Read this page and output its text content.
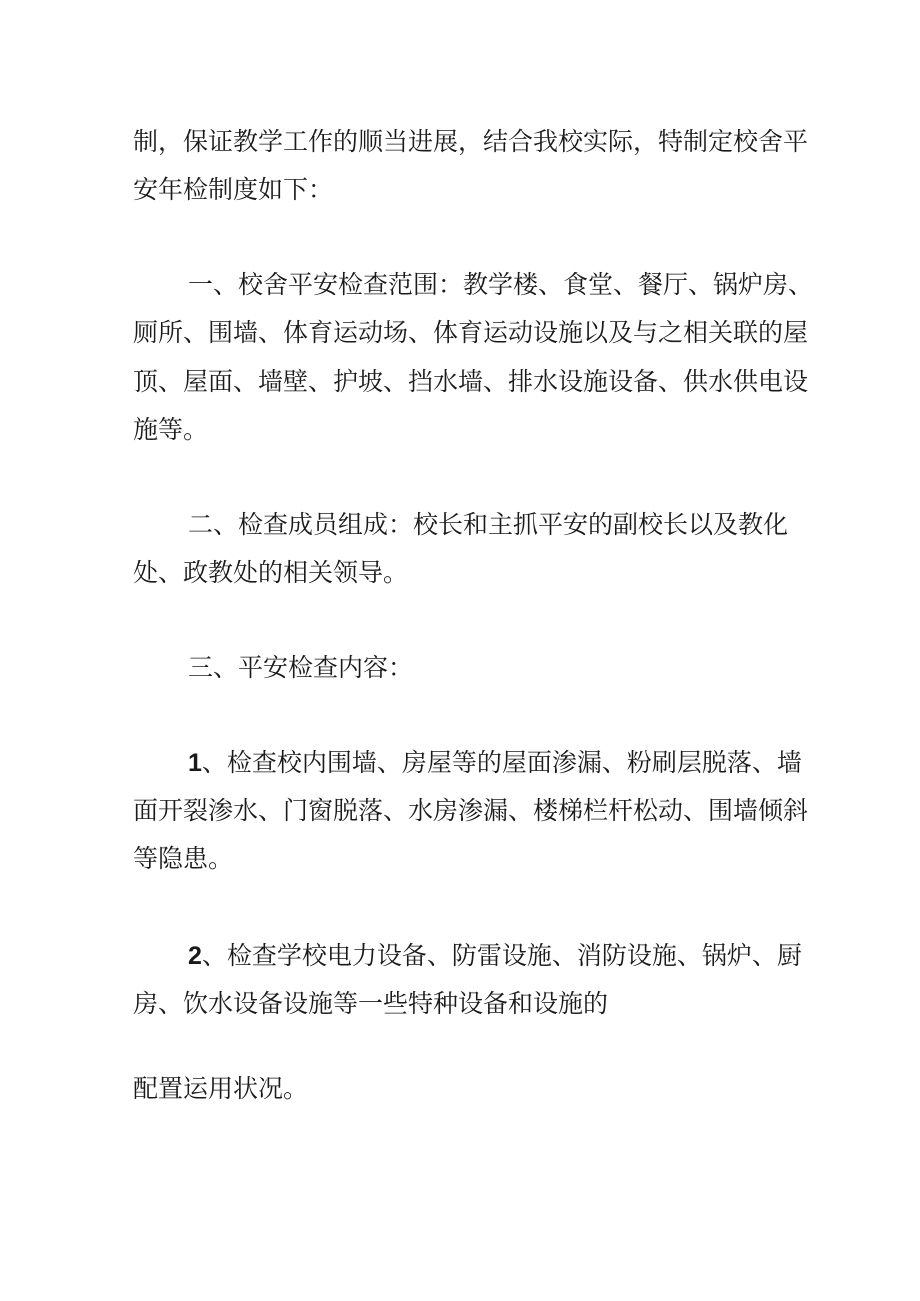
制，保证教学工作的顺当进展，结合我校实际，特制定校舍平
安年检制度如下：
一、校舍平安检查范围：教学楼、食堂、餐厅、锅炉房、
厕所、围墙、体育运动场、体育运动设施以及与之相关联的屋
顶、屋面、墙壁、护坡、挡水墙、排水设施设备、供水供电设
施等。
二、检查成员组成：校长和主抓平安的副校长以及教化
处、政教处的相关领导。
三、平安检查内容：
1、检查校内围墙、房屋等的屋面渗漏、粉刷层脱落、墙
面开裂渗水、门窗脱落、水房渗漏、楼梯栏杆松动、围墙倾斜
等隐患。
2、检查学校电力设备、防雷设施、消防设施、锅炉、厨
房、饮水设备设施等一些特种设备和设施的
配置运用状况。
